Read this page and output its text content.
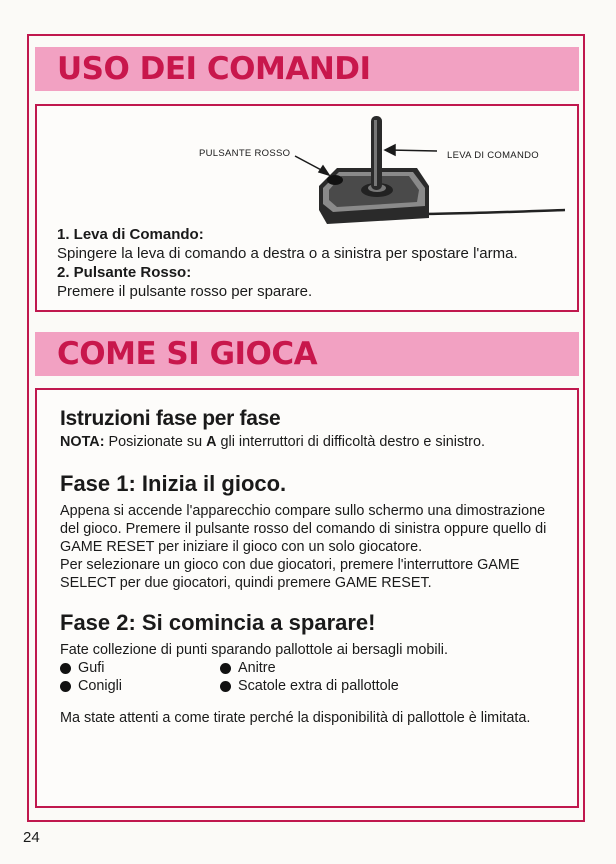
USO DEI COMANDI
PULSANTE ROSSO	LEVA DI COMANDO
1. Leva di Comando:
Spingere la leva di comando a destra o a sinistra per spostare l'arma.
2. Pulsante Rosso:
Premere il pulsante rosso per sparare.
COME SI GIOCA
Istruzioni fase per fase

NOTA: Posizionate su A gli interruttori di difficoltà destro e sinistro.

Fase 1: Inizia il gioco.

Appena si accende l'apparecchio compare sullo schermo una dimostrazione del gioco. Premere il pulsante rosso del comando di sinistra oppure quello di GAME RESET per iniziare il gioco con un solo giocatore.

Per selezionare un gioco con due giocatori, premere l'interruttore GAME SELECT per due giocatori, quindi premere GAME RESET.

Fase 2: Si comincia a sparare!

Fate collezione di punti sparando pallottole ai bersagli mobili.

Gufi	Anitre
Conigli	Scatole extra di pallottole

Ma state attenti a come tirate perché la disponibilità di pallottole è limitata.

24
